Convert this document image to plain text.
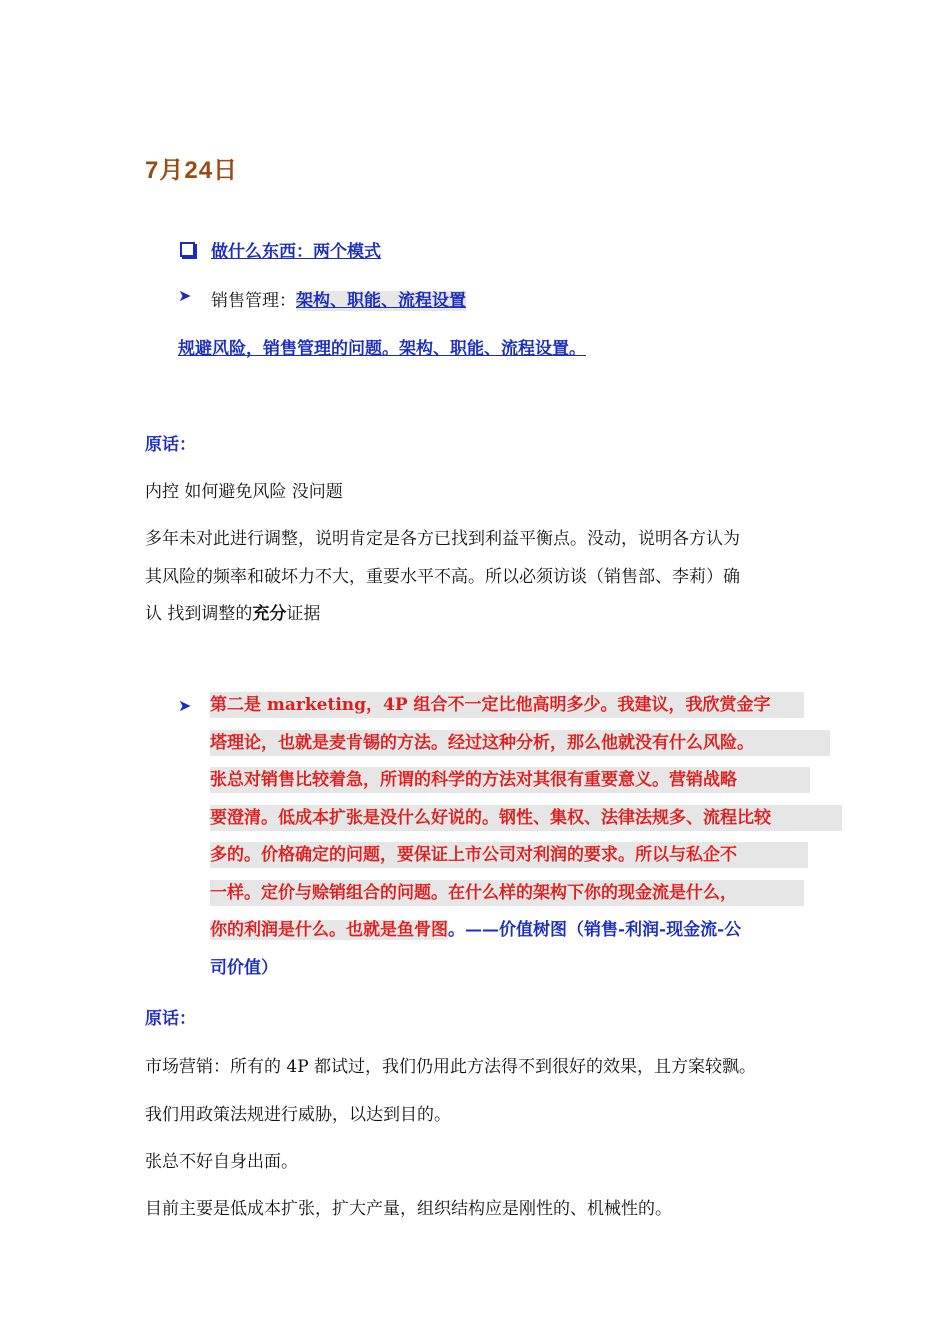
7月24日
做什么东西：两个模式
➤ 销售管理：架构、职能、流程设置
规避风险，销售管理的问题。架构、职能、流程设置。
原话：
内控 如何避免风险 没问题
多年未对此进行调整，说明肯定是各方已找到利益平衡点。没动，说明各方认为
其风险的频率和破坏力不大，重要水平不高。所以必须访谈（销售部、李莉）确
认 找到调整的充分证据
➤ 第二是 marketing，4P 组合不一定比他高明多少。我建议，我欣赏金字
塔理论，也就是麦肯锡的方法。经过这种分析，那么他就没有什么风险。
张总对销售比较着急，所谓的科学的方法对其很有重要意义。营销战略
要澄清。低成本扩张是没什么好说的。钢性、集权、法律法规多、流程比较
多的。价格确定的问题，要保证上市公司对利润的要求。所以与私企不
一样。定价与赊销组合的问题。在什么样的架构下你的现金流是什么，
你的利润是什么。也就是鱼骨图。——价值树图（销售-利润-现金流-公
司价值）
原话：
市场营销：所有的 4P 都试过，我们仍用此方法得不到很好的效果，且方案较飘。
我们用政策法规进行威胁，以达到目的。
张总不好自身出面。
目前主要是低成本扩张，扩大产量，组织结构应是刚性的、机械性的。
